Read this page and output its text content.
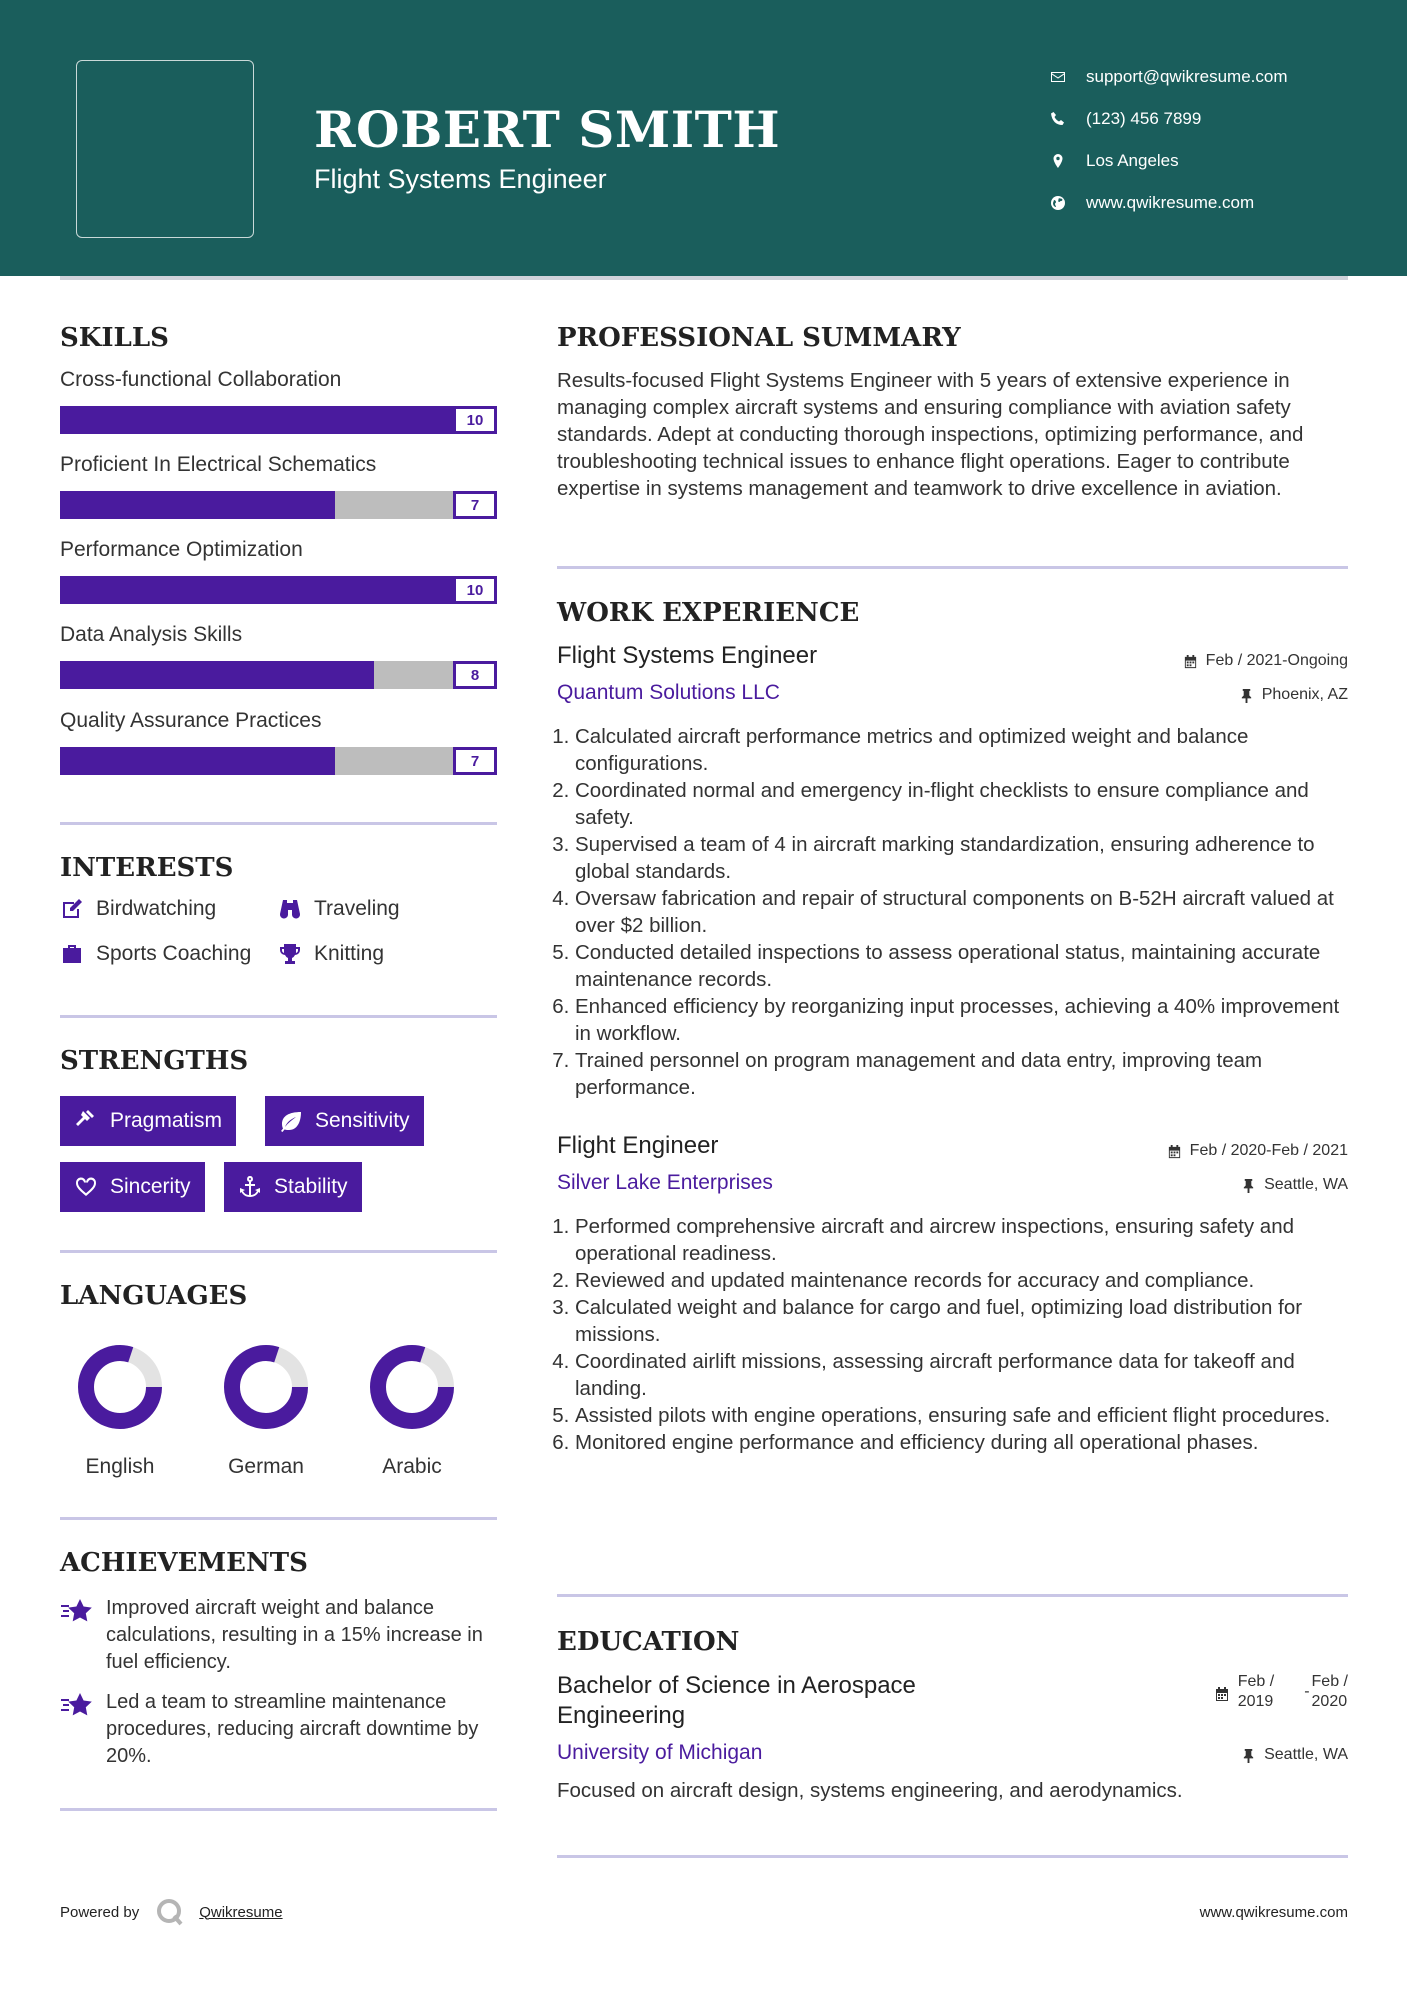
ROBERT SMITH
Flight Systems Engineer
support@qwikresume.com
(123) 456 7899
Los Angeles
www.qwikresume.com
SKILLS
Cross-functional Collaboration
10
Proficient In Electrical Schematics
7
Performance Optimization
10
Data Analysis Skills
8
Quality Assurance Practices
7
INTERESTS
Birdwatching	Traveling
Sports Coaching	Knitting
STRENGTHS
Pragmatism	Sensitivity
Sincerity	Stability
LANGUAGES
English	German	Arabic
ACHIEVEMENTS
Improved aircraft weight and balance calculations, resulting in a 15% increase in fuel efficiency.
Led a team to streamline maintenance procedures, reducing aircraft downtime by 20%.
PROFESSIONAL SUMMARY
Results-focused Flight Systems Engineer with 5 years of extensive experience in managing complex aircraft systems and ensuring compliance with aviation safety standards. Adept at conducting thorough inspections, optimizing performance, and troubleshooting technical issues to enhance flight operations. Eager to contribute expertise in systems management and teamwork to drive excellence in aviation.
WORK EXPERIENCE
Flight Systems Engineer	Feb / 2021-Ongoing
Quantum Solutions LLC	Phoenix, AZ
1. Calculated aircraft performance metrics and optimized weight and balance configurations.
2. Coordinated normal and emergency in-flight checklists to ensure compliance and safety.
3. Supervised a team of 4 in aircraft marking standardization, ensuring adherence to global standards.
4. Oversaw fabrication and repair of structural components on B-52H aircraft valued at over $2 billion.
5. Conducted detailed inspections to assess operational status, maintaining accurate maintenance records.
6. Enhanced efficiency by reorganizing input processes, achieving a 40% improvement in workflow.
7. Trained personnel on program management and data entry, improving team performance.
Flight Engineer	Feb / 2020-Feb / 2021
Silver Lake Enterprises	Seattle, WA
1. Performed comprehensive aircraft and aircrew inspections, ensuring safety and operational readiness.
2. Reviewed and updated maintenance records for accuracy and compliance.
3. Calculated weight and balance for cargo and fuel, optimizing load distribution for missions.
4. Coordinated airlift missions, assessing aircraft performance data for takeoff and landing.
5. Assisted pilots with engine operations, ensuring safe and efficient flight procedures.
6. Monitored engine performance and efficiency during all operational phases.
EDUCATION
Bachelor of Science in Aerospace
Engineering
Feb /
2019
-
Feb /
2020
University of Michigan	Seattle, WA
Focused on aircraft design, systems engineering, and aerodynamics.
Powered by	Qwikresume	www.qwikresume.com
